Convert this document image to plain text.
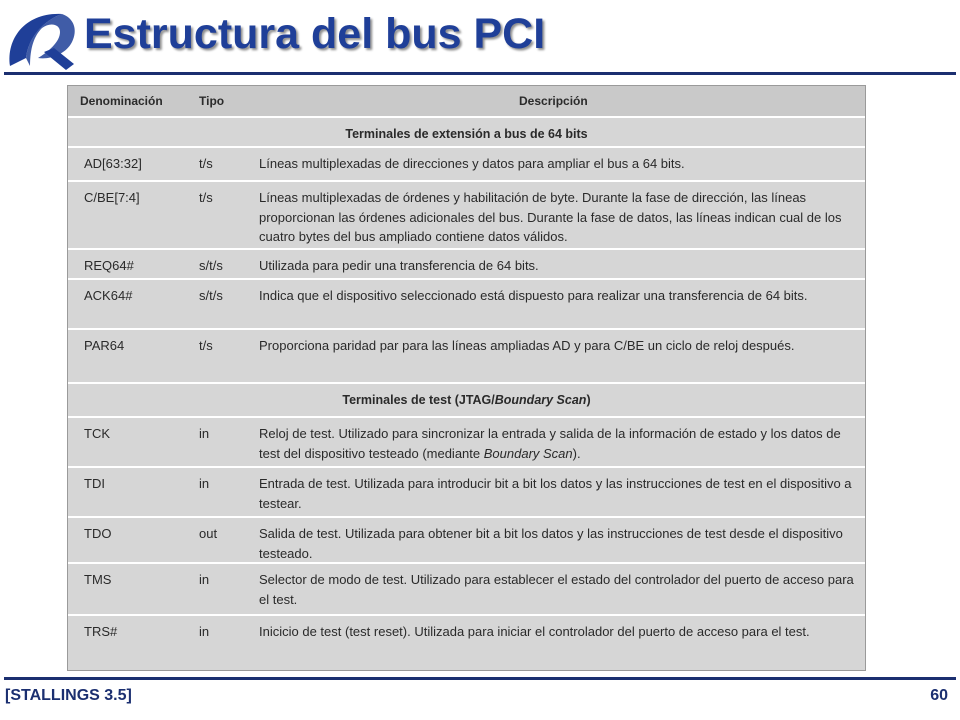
Estructura del bus PCI
Denominación	Tipo	Descripción
Terminales de extensión a bus de 64 bits
AD[63:32]	t/s	Líneas multiplexadas de direcciones y datos para ampliar el bus a 64 bits.
C/BE[7:4]	t/s	Líneas multiplexadas de órdenes y habilitación de byte. Durante la fase de dirección, las líneas proporcionan las órdenes adicionales del bus. Durante la fase de datos, las líneas indican cual de los cuatro bytes del bus ampliado contiene datos válidos.
REQ64#	s/t/s	Utilizada para pedir una transferencia de 64 bits.
ACK64#	s/t/s	Indica que el dispositivo seleccionado está dispuesto para realizar una transferencia de 64 bits.
PAR64	t/s	Proporciona paridad par para las líneas ampliadas AD y para C/BE un ciclo de reloj después.
Terminales de test (JTAG/Boundary Scan)
TCK	in	Reloj de test. Utilizado para sincronizar la entrada y salida de la información de estado y los datos de test del dispositivo testeado (mediante Boundary Scan).
TDI	in	Entrada de test. Utilizada para introducir bit a bit los datos y las instrucciones de test en el dispositivo a testear.
TDO	out	Salida de test. Utilizada para obtener bit a bit los datos y las instrucciones de test desde el dispositivo testeado.
TMS	in	Selector de modo de test. Utilizado para establecer el estado del controlador del puerto de acceso para el test.
TRS#	in	Inicicio de test (test reset). Utilizada para iniciar el controlador del puerto de acceso para el test.
[STALLINGS 3.5]	60
